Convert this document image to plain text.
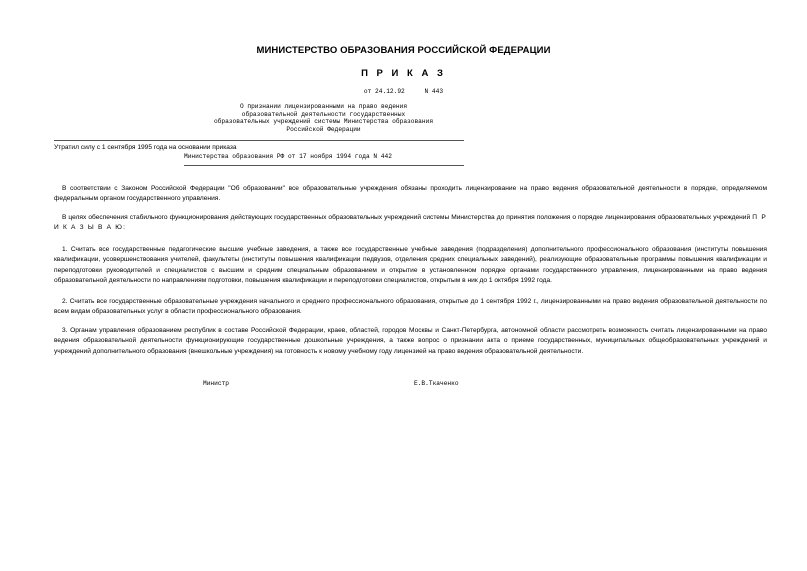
МИНИСТЕРСТВО ОБРАЗОВАНИЯ РОССИЙСКОЙ ФЕДЕРАЦИИ
П Р И К А З
от 24.12.92	N 443
О признании лицензированными на право ведения
образовательной деятельности государственных
образовательных учреждений системы Министерства образования
Российской Федерации
Утратил силу с 1 сентября 1995 года на основании приказа
Министерства образования РФ от 17 ноября 1994 года N 442

В соответствии с Законом Российской Федерации "Об образовании" все образовательные учреждения обязаны проходить лицензирование на право ведения образовательной деятельности в порядке, определяемом федеральным органом государственного управления.

В целях обеспечения стабильного функционирования действующих государственных образовательных учреждений системы Министерства до принятия положения о порядке лицензирования образовательных учреждений П Р И К А З Ы В А Ю:

1. Считать все государственные педагогические высшие учебные заведения, а также все государственные учебные заведения (подразделения) дополнительного профессионального образования (институты повышения квалификации, усовершенствования учителей, факультеты (институты повышения квалификации педвузов, отделения средних специальных заведений), реализующие образовательные программы повышения квалификации и переподготовки руководителей и специалистов с высшим и средним специальным образованием и открытие в установленном порядке органами государственного управления, лицензированными на право ведения образовательной деятельности по направлениям подготовки, повышения квалификации и переподготовки специалистов, открытым в ник до 1 октября 1992 года.

2. Считать все государственные образовательные учреждения начального и среднего профессионального образования, открытые до 1 сентября 1992 г., лицензированными на право ведения образовательной деятельности по всем видам образовательных услуг в области профессионального образования.

3. Органам управления образованием республик в составе Российской Федерации, краев, областей, городов Москвы и Санкт-Петербурга, автономной области рассмотреть возможность считать лицензированными на право ведения образовательной деятельности функционирующие государственные дошкольные учреждения, а также вопрос о признании акта о приеме государственных, муниципальных общеобразовательных учреждений и учреждений дополнительного образования (внешкольные учреждения) на готовность к новому учебному году лицензией на право ведения образовательной деятельности.

Министр	Е.В.Ткаченко
